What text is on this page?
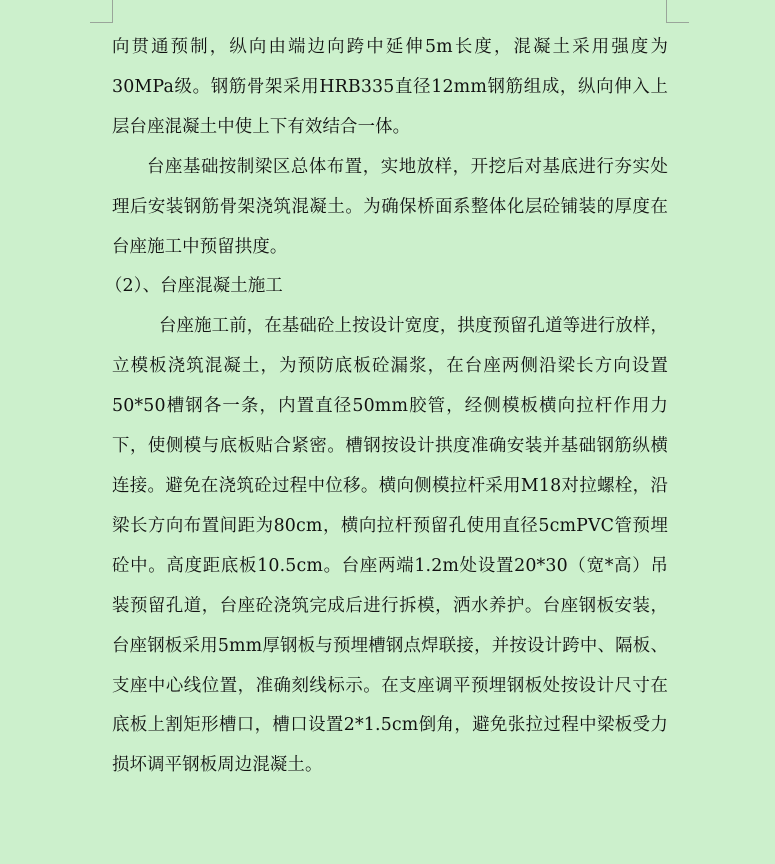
向贯通预制，纵向由端边向跨中延伸5m长度，混凝土采用强度为30MPa级。钢筋骨架采用HRB335直径12mm钢筋组成，纵向伸入上层台座混凝土中使上下有效结合一体。

台座基础按制梁区总体布置，实地放样，开挖后对基底进行夯实处理后安装钢筋骨架浇筑混凝土。为确保桥面系整体化层砼铺装的厚度在台座施工中预留拱度。

（2）、台座混凝土施工

台座施工前，在基础砼上按设计宽度，拱度预留孔道等进行放样，立模板浇筑混凝土，为预防底板砼漏浆，在台座两侧沿梁长方向设置50*50槽钢各一条，内置直径50mm胶管，经侧模板横向拉杆作用力下，使侧模与底板贴合紧密。槽钢按设计拱度准确安装并基础钢筋纵横连接。避免在浇筑砼过程中位移。横向侧模拉杆采用M18对拉螺栓，沿梁长方向布置间距为80cm，横向拉杆预留孔使用直径5cmPVC管预埋砼中。高度距底板10.5cm。台座两端1.2m处设置20*30（宽*高）吊装预留孔道，台座砼浇筑完成后进行拆模，洒水养护。台座钢板安装，台座钢板采用5mm厚钢板与预埋槽钢点焊联接，并按设计跨中、隔板、支座中心线位置，准确刻线标示。在支座调平预埋钢板处按设计尺寸在底板上割矩形槽口，槽口设置2*1.5cm倒角，避免张拉过程中梁板受力损坏调平钢板周边混凝土。
